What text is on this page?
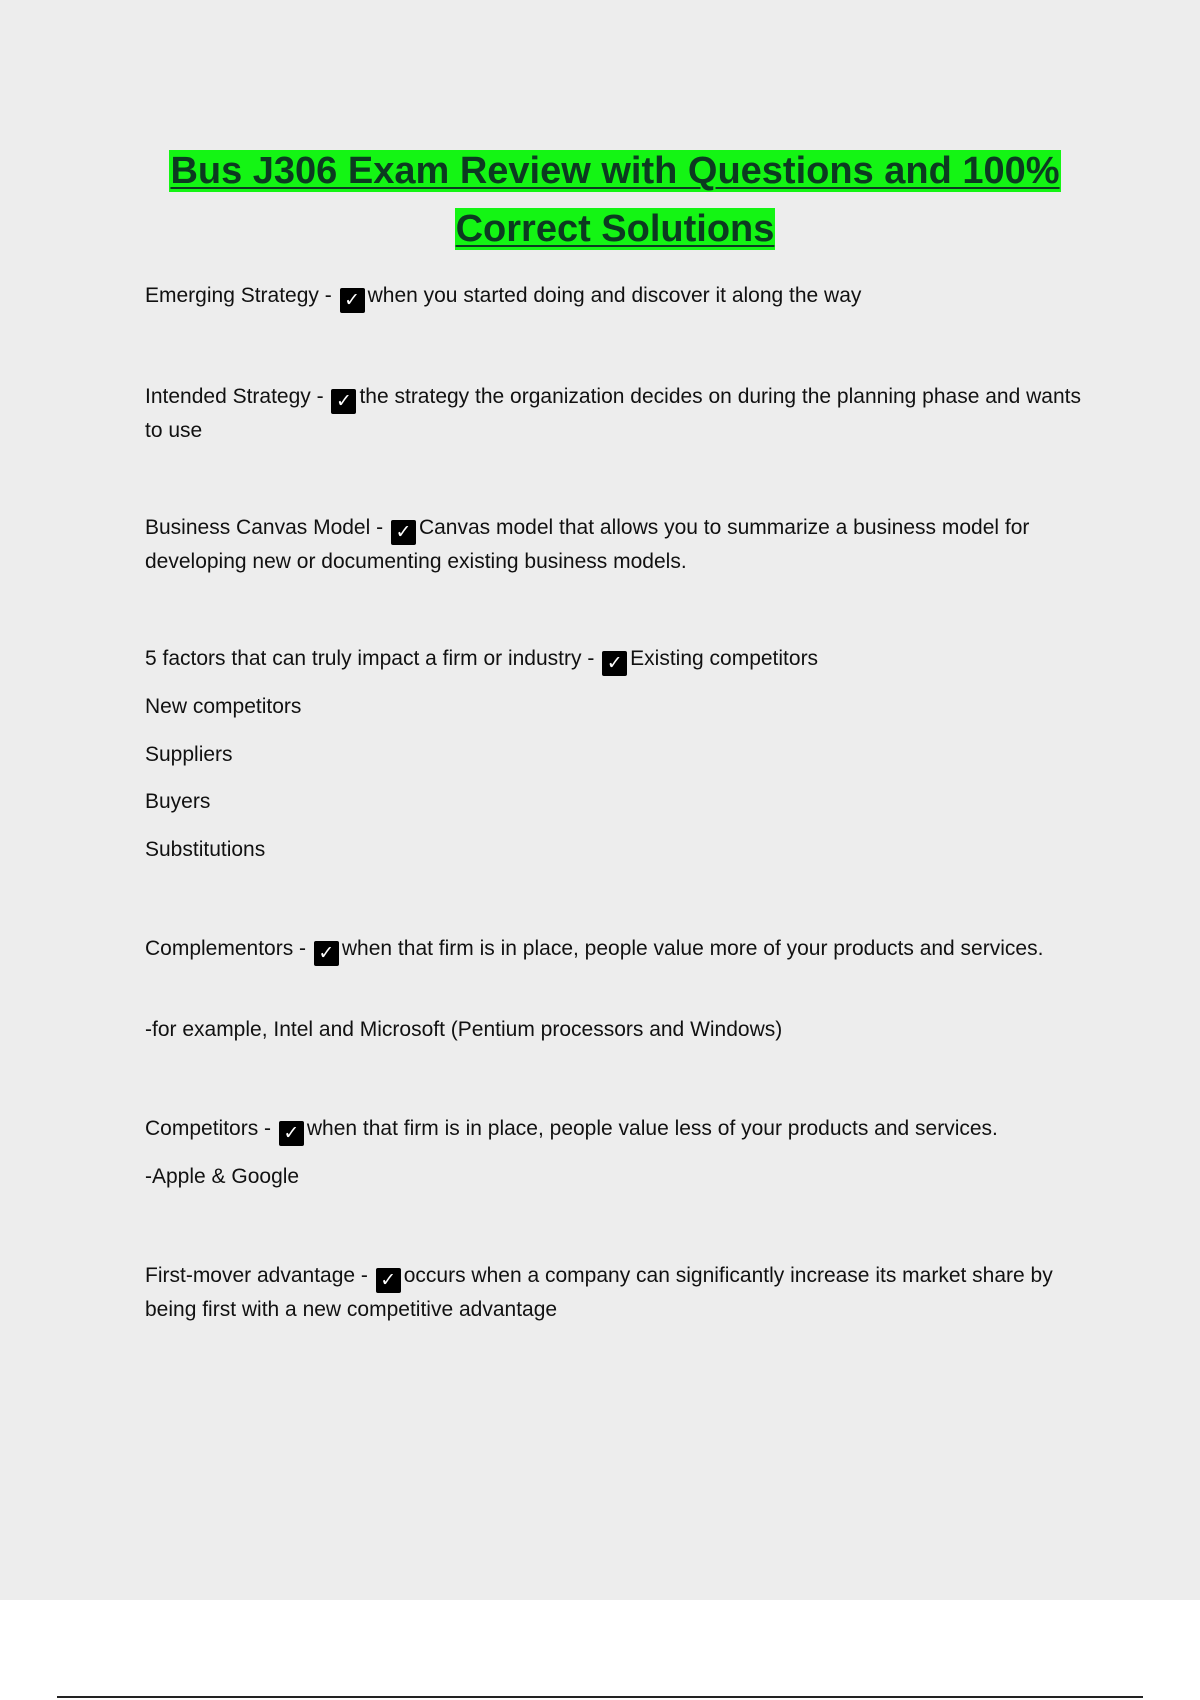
Bus J306 Exam Review with Questions and 100%
Correct Solutions

Emerging Strategy - ✓ when you started doing and discover it along the way

Intended Strategy - ✓ the strategy the organization decides on during the planning phase and wants to use

Business Canvas Model - ✓ Canvas model that allows you to summarize a business model for developing new or documenting existing business models.

5 factors that can truly impact a firm or industry - ✓ Existing competitors

New competitors

Suppliers

Buyers

Substitutions

Complementors - ✓ when that firm is in place, people value more of your products and services.

-for example, Intel and Microsoft (Pentium processors and Windows)

Competitors - ✓ when that firm is in place, people value less of your products and services.

-Apple & Google

First-mover advantage - ✓ occurs when a company can significantly increase its market share by being first with a new competitive advantage
